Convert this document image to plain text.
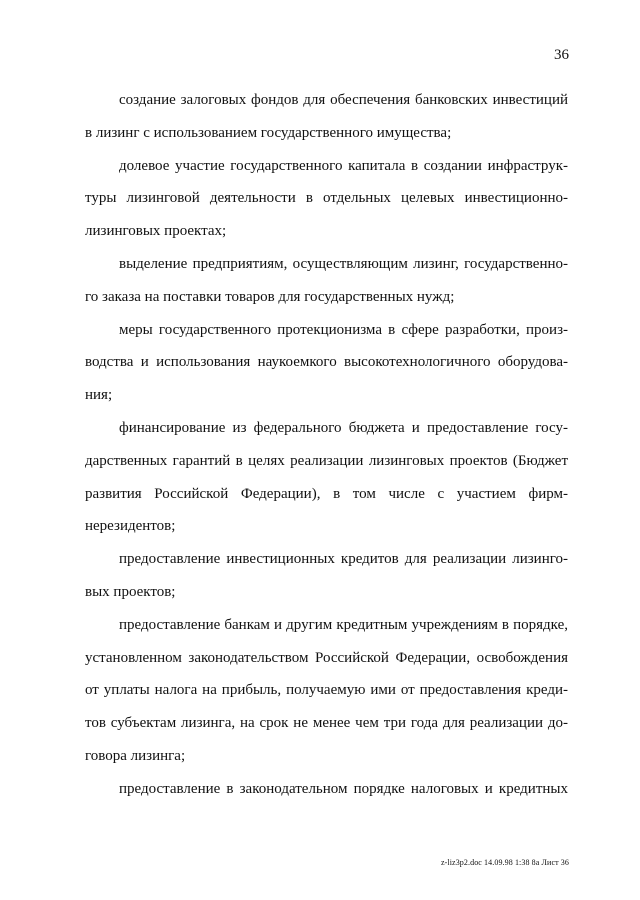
36

создание залоговых фондов для обеспечения банковских инвестиций
в лизинг с использованием государственного имущества;

долевое участие государственного капитала в создании инфраструк-
туры лизинговой деятельности в отдельных целевых инвестиционно-
лизинговых проектах;

выделение предприятиям, осуществляющим лизинг, государственно-
го заказа на поставки товаров для государственных нужд;

меры государственного протекционизма в сфере разработки, произ-
водства и использования наукоемкого высокотехнологичного оборудова-
ния;

финансирование из федерального бюджета и предоставление госу-
дарственных гарантий в целях реализации лизинговых проектов (Бюджет
развития Российской Федерации), в том числе с участием фирм-
нерезидентов;

предоставление инвестиционных кредитов для реализации лизинго-
вых проектов;

предоставление банкам и другим кредитным учреждениям в порядке,
установленном законодательством Российской Федерации, освобождения
от уплаты налога на прибыль, получаемую ими от предоставления креди-
тов субъектам лизинга, на срок не менее чем три года для реализации до-
говора лизинга;

предоставление в законодательном порядке налоговых и кредитных

z-liz3p2.doc 14.09.98 1:38 8a Лист 36
